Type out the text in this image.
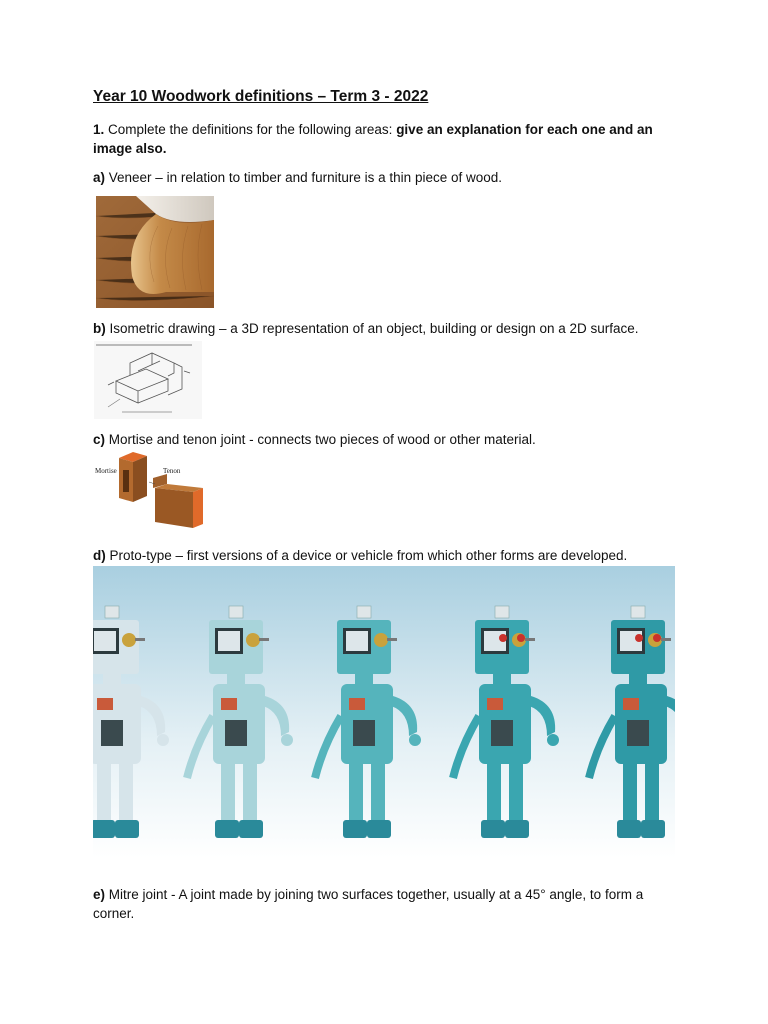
Year 10 Woodwork definitions – Term 3 - 2022

1. Complete the definitions for the following areas: give an explanation for each one and an image also.

a) Veneer – in relation to timber and furniture is a thin piece of wood.

b) Isometric drawing – a 3D representation of an object, building or design on a 2D surface.

c) Mortise and tenon joint - connects two pieces of wood or other material.

Mortise	Tenon

d) Proto-type – first versions of a device or vehicle from which other forms are developed.

e) Mitre joint - A joint made by joining two surfaces together, usually at a 45° angle, to form a corner.
